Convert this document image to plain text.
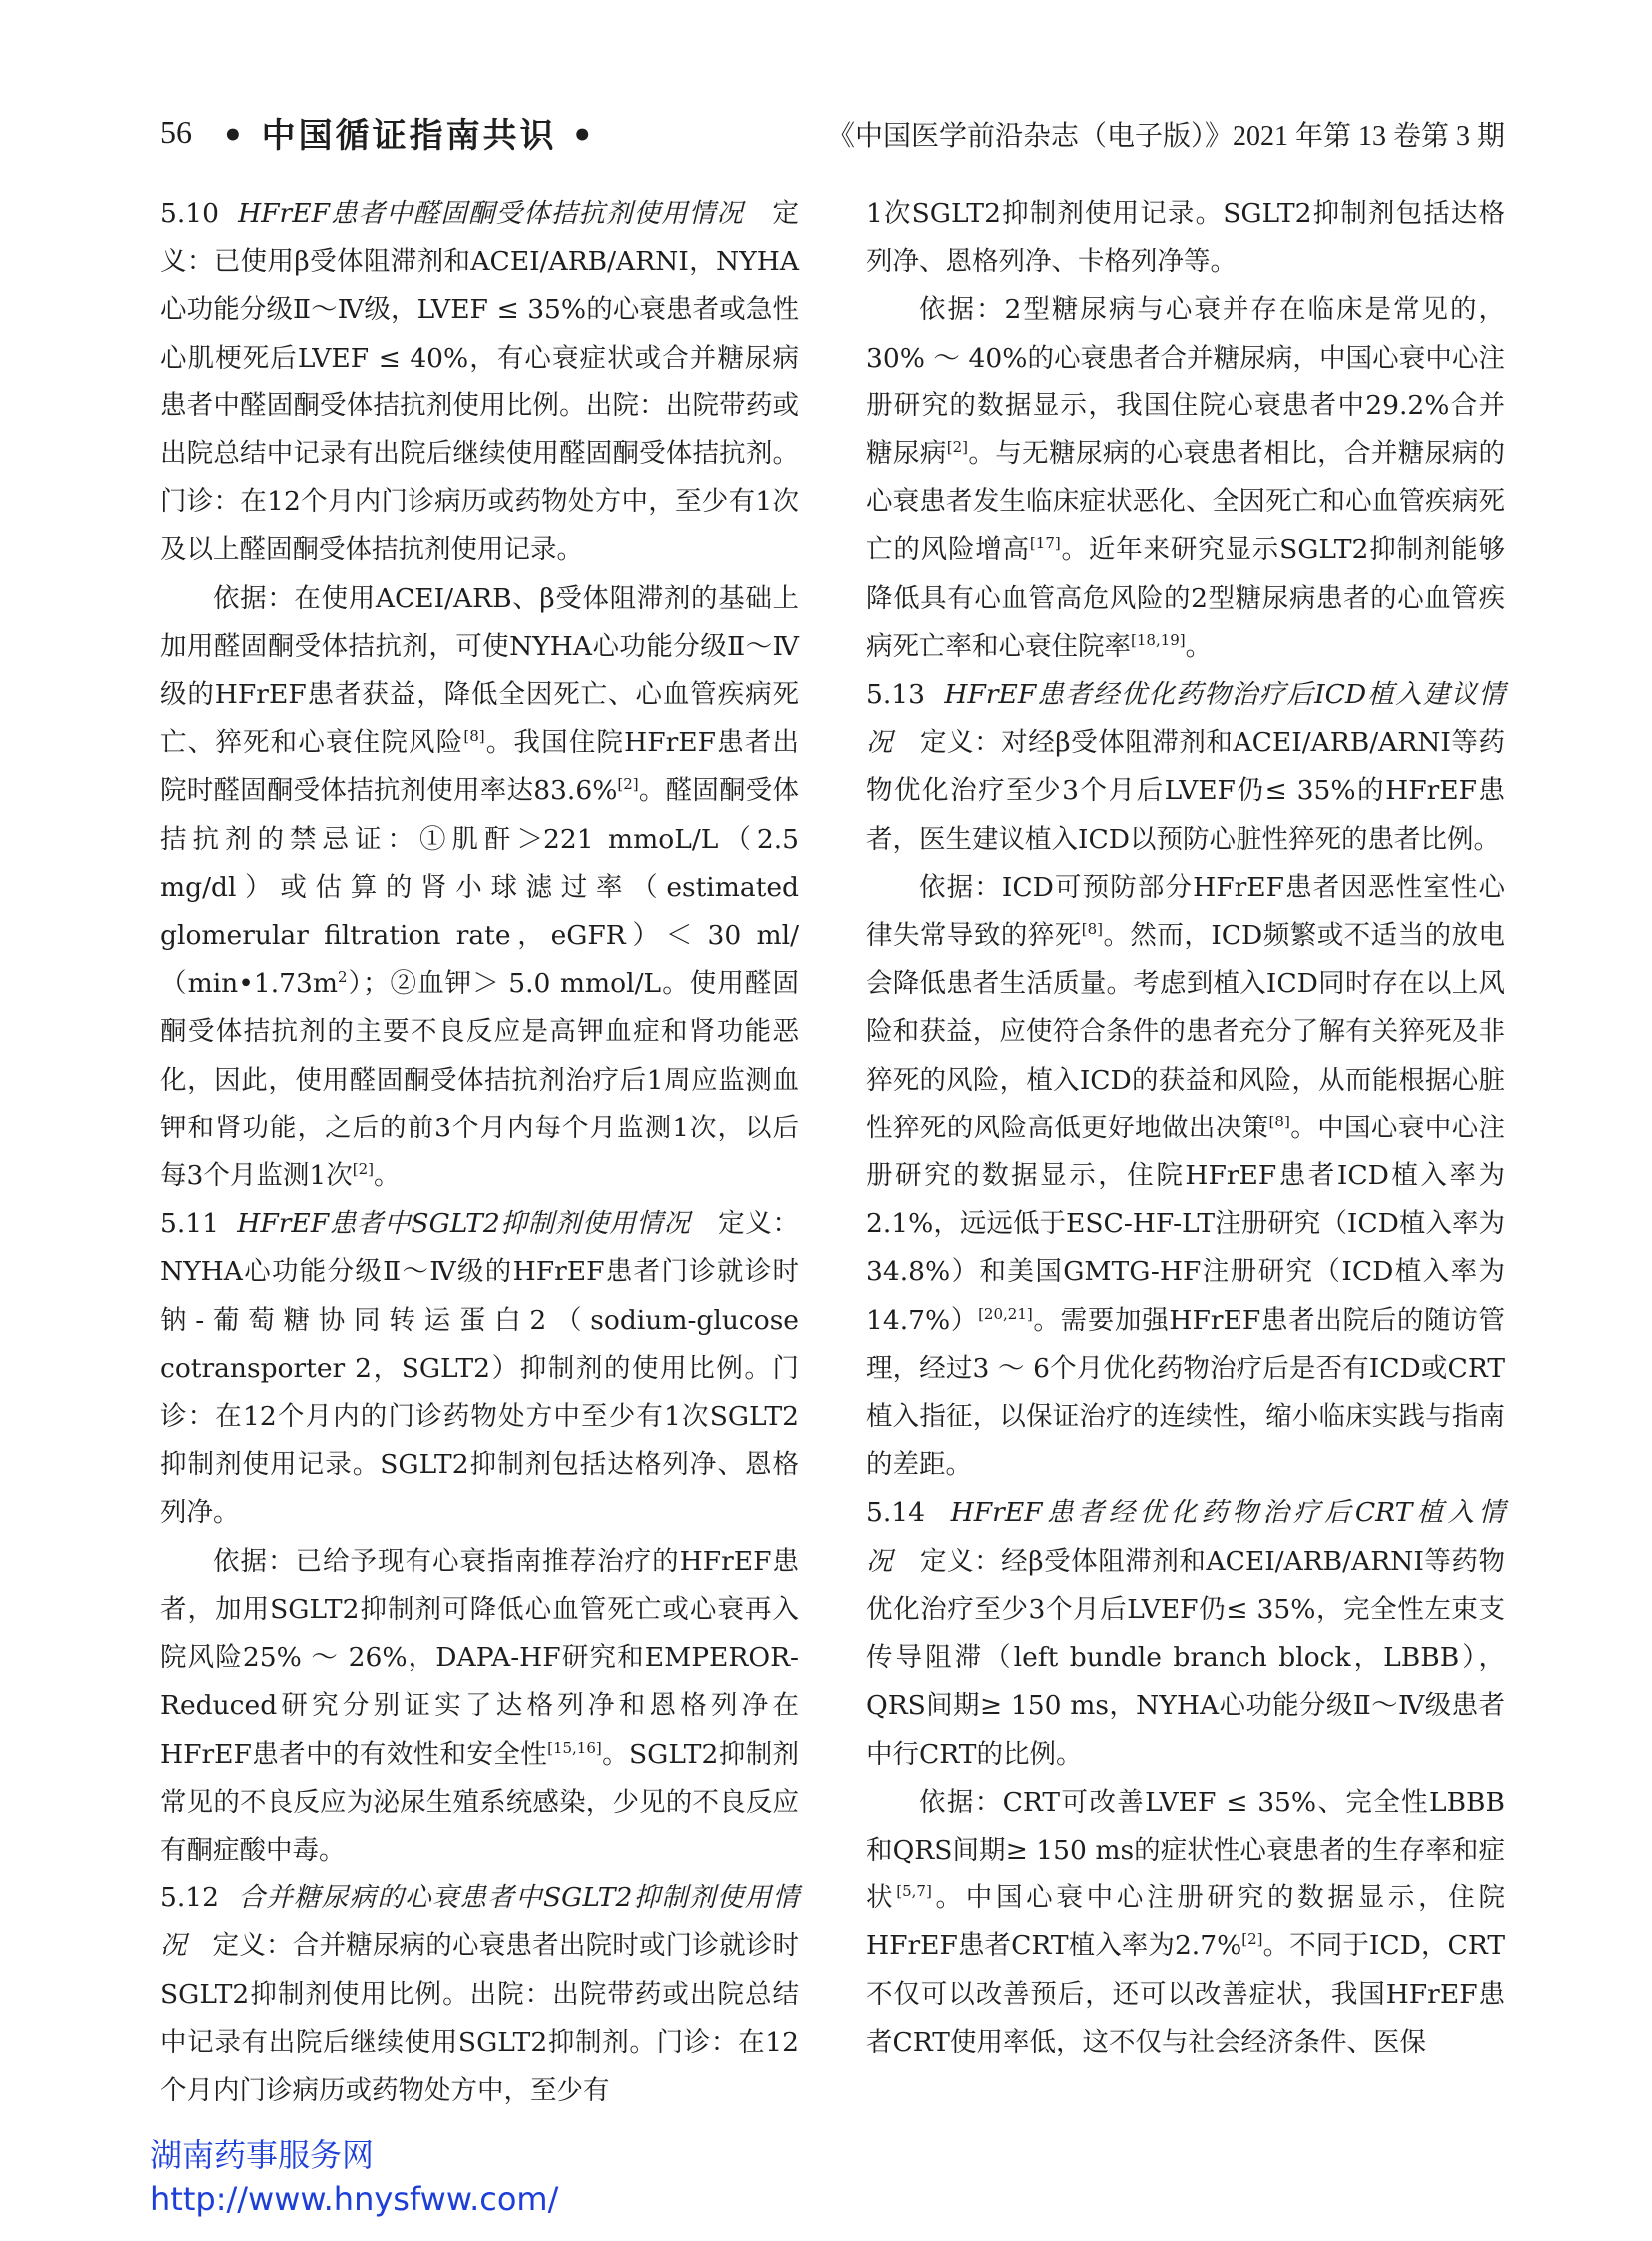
56 • 中国循证指南共识 •	《中国医学前沿杂志（电子版）》2021 年第 13 卷第 3 期

5.10 HFrEF患者中醛固酮受体拮抗剂使用情况 定义：已使用β受体阻滞剂和ACEI/ARB/ARNI，NYHA心功能分级Ⅱ～Ⅳ级，LVEF ≤ 35%的心衰患者或急性心肌梗死后LVEF ≤ 40%，有心衰症状或合并糖尿病患者中醛固酮受体拮抗剂使用比例。出院：出院带药或出院总结中记录有出院后继续使用醛固酮受体拮抗剂。门诊：在12个月内门诊病历或药物处方中，至少有1次及以上醛固酮受体拮抗剂使用记录。

依据：在使用ACEI/ARB、β受体阻滞剂的基础上加用醛固酮受体拮抗剂，可使NYHA心功能分级Ⅱ～Ⅳ级的HFrEF患者获益，降低全因死亡、心血管疾病死亡、猝死和心衰住院风险[8]。我国住院HFrEF患者出院时醛固酮受体拮抗剂使用率达83.6%[2]。醛固酮受体拮抗剂的禁忌证：①肌酐＞221 mmoL/L（2.5 mg/dl）或估算的肾小球滤过率（estimated glomerular filtration rate，eGFR）＜ 30 $ml/(\min•1.73m^2)$；②血钾＞ 5.0 mmol/L。使用醛固酮受体拮抗剂的主要不良反应是高钾血症和肾功能恶化，因此，使用醛固酮受体拮抗剂治疗后1周应监测血钾和肾功能，之后的前3个月内每个月监测1次，以后每3个月监测1次[2]。

5.11 HFrEF患者中SGLT2抑制剂使用情况 定义：NYHA心功能分级Ⅱ～Ⅳ级的HFrEF患者门诊就诊时钠-葡萄糖协同转运蛋白2（sodium-glucose cotransporter 2，SGLT2）抑制剂的使用比例。门诊：在12个月内的门诊药物处方中至少有1次SGLT2抑制剂使用记录。SGLT2抑制剂包括达格列净、恩格列净。

依据：已给予现有心衰指南推荐治疗的HFrEF患者，加用SGLT2抑制剂可降低心血管死亡或心衰再入院风险25% ～ 26%，DAPA-HF研究和EMPEROR-Reduced研究分别证实了达格列净和恩格列净在HFrEF患者中的有效性和安全性[15,16]。SGLT2抑制剂常见的不良反应为泌尿生殖系统感染，少见的不良反应有酮症酸中毒。

5.12 合并糖尿病的心衰患者中SGLT2抑制剂使用情况 定义：合并糖尿病的心衰患者出院时或门诊就诊时SGLT2抑制剂使用比例。出院：出院带药或出院总结中记录有出院后继续使用SGLT2抑制剂。门诊：在12个月内门诊病历或药物处方中，至少有

1次SGLT2抑制剂使用记录。SGLT2抑制剂包括达格列净、恩格列净、卡格列净等。

依据：2型糖尿病与心衰并存在临床是常见的，30% ～ 40%的心衰患者合并糖尿病，中国心衰中心注册研究的数据显示，我国住院心衰患者中29.2%合并糖尿病[2]。与无糖尿病的心衰患者相比，合并糖尿病的心衰患者发生临床症状恶化、全因死亡和心血管疾病死亡的风险增高[17]。近年来研究显示SGLT2抑制剂能够降低具有心血管高危风险的2型糖尿病患者的心血管疾病死亡率和心衰住院率[18,19]。

5.13 HFrEF患者经优化药物治疗后ICD植入建议情况 定义：对经β受体阻滞剂和ACEI/ARB/ARNI等药物优化治疗至少3个月后LVEF仍≤ 35%的HFrEF患者，医生建议植入ICD以预防心脏性猝死的患者比例。

依据：ICD可预防部分HFrEF患者因恶性室性心律失常导致的猝死[8]。然而，ICD频繁或不适当的放电会降低患者生活质量。考虑到植入ICD同时存在以上风险和获益，应使符合条件的患者充分了解有关猝死及非猝死的风险，植入ICD的获益和风险，从而能根据心脏性猝死的风险高低更好地做出决策[8]。中国心衰中心注册研究的数据显示，住院HFrEF患者ICD植入率为2.1%，远远低于ESC-HF-LT注册研究（ICD植入率为34.8%）和美国GMTG-HF注册研究（ICD植入率为14.7%）[20,21]。需要加强HFrEF患者出院后的随访管理，经过3 ～ 6个月优化药物治疗后是否有ICD或CRT植入指征，以保证治疗的连续性，缩小临床实践与指南的差距。

5.14 HFrEF患者经优化药物治疗后CRT植入情况 定义：经β受体阻滞剂和ACEI/ARB/ARNI等药物优化治疗至少3个月后LVEF仍≤ 35%，完全性左束支传导阻滞（left bundle branch block，LBBB），QRS间期≥ 150 ms，NYHA心功能分级Ⅱ～Ⅳ级患者中行CRT的比例。

依据：CRT可改善LVEF ≤ 35%、完全性LBBB和QRS间期≥ 150 ms的症状性心衰患者的生存率和症状[5,7]。中国心衰中心注册研究的数据显示，住院HFrEF患者CRT植入率为2.7%[2]。不同于ICD，CRT不仅可以改善预后，还可以改善症状，我国HFrEF患者CRT使用率低，这不仅与社会经济条件、医保

湖南药事服务网
http://www.hnysfww.com/
